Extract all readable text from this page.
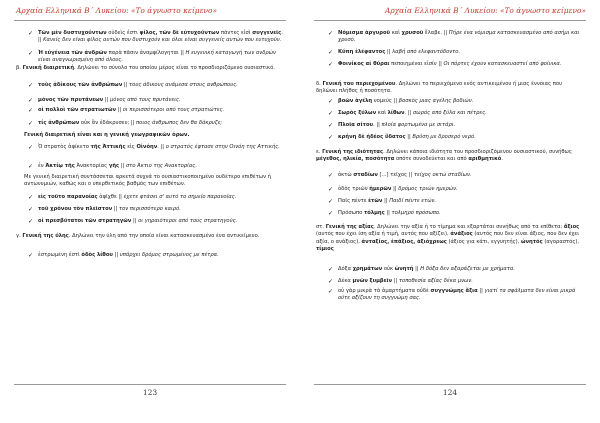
Αρχαία Ελληνικά Β΄ Λυκείου: «Το άγνωστο κείμενο»
✓ Τῶν μὲν δυστυχούντων οὐδεὶς ἐστι φίλος, τῶν δὲ εὐτυχούντων πάντες εἰσὶ συγγενεῖς. || Κανείς δεν είναι φίλος αυτών που δυστυχούν και όλοι είναι συγγενείς αυτών που ευτυχούν.
✓ Ἡ εὐγένεια τῶν ἀνδρῶν παρὰ πᾶσιν ἀναμφίλογηται || Η ευγενική καταγωγή των ανδρών είναι αναγνωρισμένη από όλους.
β. Γενική διαιρετική. Δηλώνει το σύνολο του οποίου μέρος είναι το προσδιοριζόμενο ουσιαστικό.
✓ τοὺς ἀδίκους τῶν ἀνθρώπων || τους άδικους ανάμεσα στους ανθρώπους.
✓ μόνος τῶν πρυτάνεων || μόνος από τους πρυτάνεις.
✓ οἱ πολλοὶ τῶν στρατιωτῶν || οι περισσότεροι από τους στρατιώτες.
✓ τίς ἀνθρώπων οὐκ ἂν ἐδάκρυσεν; || ποιος άνθρωπος δεν θα δάκρυζε;
Γενική διαιρετική είναι και η γενική γεωγραφικών όρων.
✓ Ὁ στρατὸς ἀφίκετο τῆς Ἀττικῆς εἰς Οἰνόην. || ο στρατός έφτασε στην Οινόη της Αττικής.
✓ ἐν Ἀκτίῳ τῆς Ἀνακτορίας γῆς || στο Άκτιο της Ανακτορίας.
Με γενική διαιρετική συντάσσεται αρκετά συχνά το ουσιαστικοποιημένο ουδέτερο επιθέτων ή αντωνυμιών, καθώς και ο υπερθετικός βαθμός των επιθέτων.
✓ εἰς τοῦτο παρανοίας ἀφῖχθε || έχετε φτάσει σ' αυτό το σημείο παρανοίας.
✓ τοῦ χρόνου τὸν πλεῖστον || τον περισσότερο καιρό.
✓ οἱ πρεσβύτατοι τῶν στρατηγῶν || οι γηραιότεροι από τους στρατηγούς.
γ. Γενική της ύλης. Δηλώνει την ύλη από την οποία είναι κατασκευασμένο ένα αντικείμενο.
✓ ἐστρωμένη ἐστὶ ὁδὸς λίθου || υπάρχει δρόμος στρωμένος με πέτρα.
123
Αρχαία Ελληνικά Β΄ Λυκείου: «Το άγνωστο κείμενο»
✓ Νόμισμα ἀργυροῦ καὶ χρυσοῦ ἔλαβε. || Πήρε ένα νόμισμα κατασκευασμένο από ασήμι και χρυσό.
✓ Κύπη ἐλέφαντος || λαβή από ελεφαντόδοντο.
✓ Φοινίκος αἱ θύραι πεποιημέναι εἰσίν || Οι πόρτες έχουν κατασκευαστεί από φοίνικα.
δ. Γενική του περιεχομένου. Δηλώνει το περιεχόμενο ενός αντικειμένου ή μιας έννοιας που δηλώνει πλήθος ή ποσότητα.
✓ βοῶν ἀγέλη νομεύς || βοσκός μιας αγέλης βοδιών.
✓ Σωρὸς ξύλων καὶ λίθων. || σωρός από ξύλα και πέτρες.
✓ Πλοῖα σίτου. || πλοία φορτωμένα με σιτάρι.
✓ κρήνη δὲ ἡδέος ὕδατος || Βρύση με δροσερό νερό.
ε. Γενική της ιδιότητας. Δηλώνει κάποια ιδιότητα του προσδιοριζόμενου ουσιαστικού, συνήθως μέγεθος, ηλικία, ποσότητα οπότε συνοδεύεται και από αριθμητικό.
✓ ὀκτὼ σταδίων [...] τεῖχος || τείχος οκτώ σταδίων.
✓ ὁδὸς τριῶν ἡμερῶν || δρόμος τριών ημερών.
✓ Παῖς πέντε ἐτῶν || Παιδί πέντε ετών.
✓ Πρόσωπο τόλμης || τολμηρό πρόσωπο.
στ. Γενική της αξίας. Δηλώνει την αξία ή το τίμημα και εξαρτάται συνήθως από τα επίθετα: ἄξιος (αυτός που έχει ίση αξία ή τιμή, αυτός που αξίζει), ἀνάξιος (αυτός που δεν είναι άξιος, που δεν έχει αξία, ο ανάξιος), ἀνταξίος, ἐπάξιος, ἀξιόχρεως (άξιος για κάτι, εγγυητής), ὠνητός (αγοραστός), τίμιος
✓ Δόξα χρημάτων οὐκ ὠνητή || Η δόξα δεν αξαράζεται με χρήματα.
✓ Δέκα μνῶν ξυμβεῖν || τοποθεσία αξίας δέκα μνων.
✓ οὐ γὰρ μικρὰ τὰ ἁμαρτήματα οὐδὲ συγγνώμης ἄξια || γιατί τα σφάλματα δεν είναι μικρά ούτε αξίζουν τη συγγνώμη σας.
124
